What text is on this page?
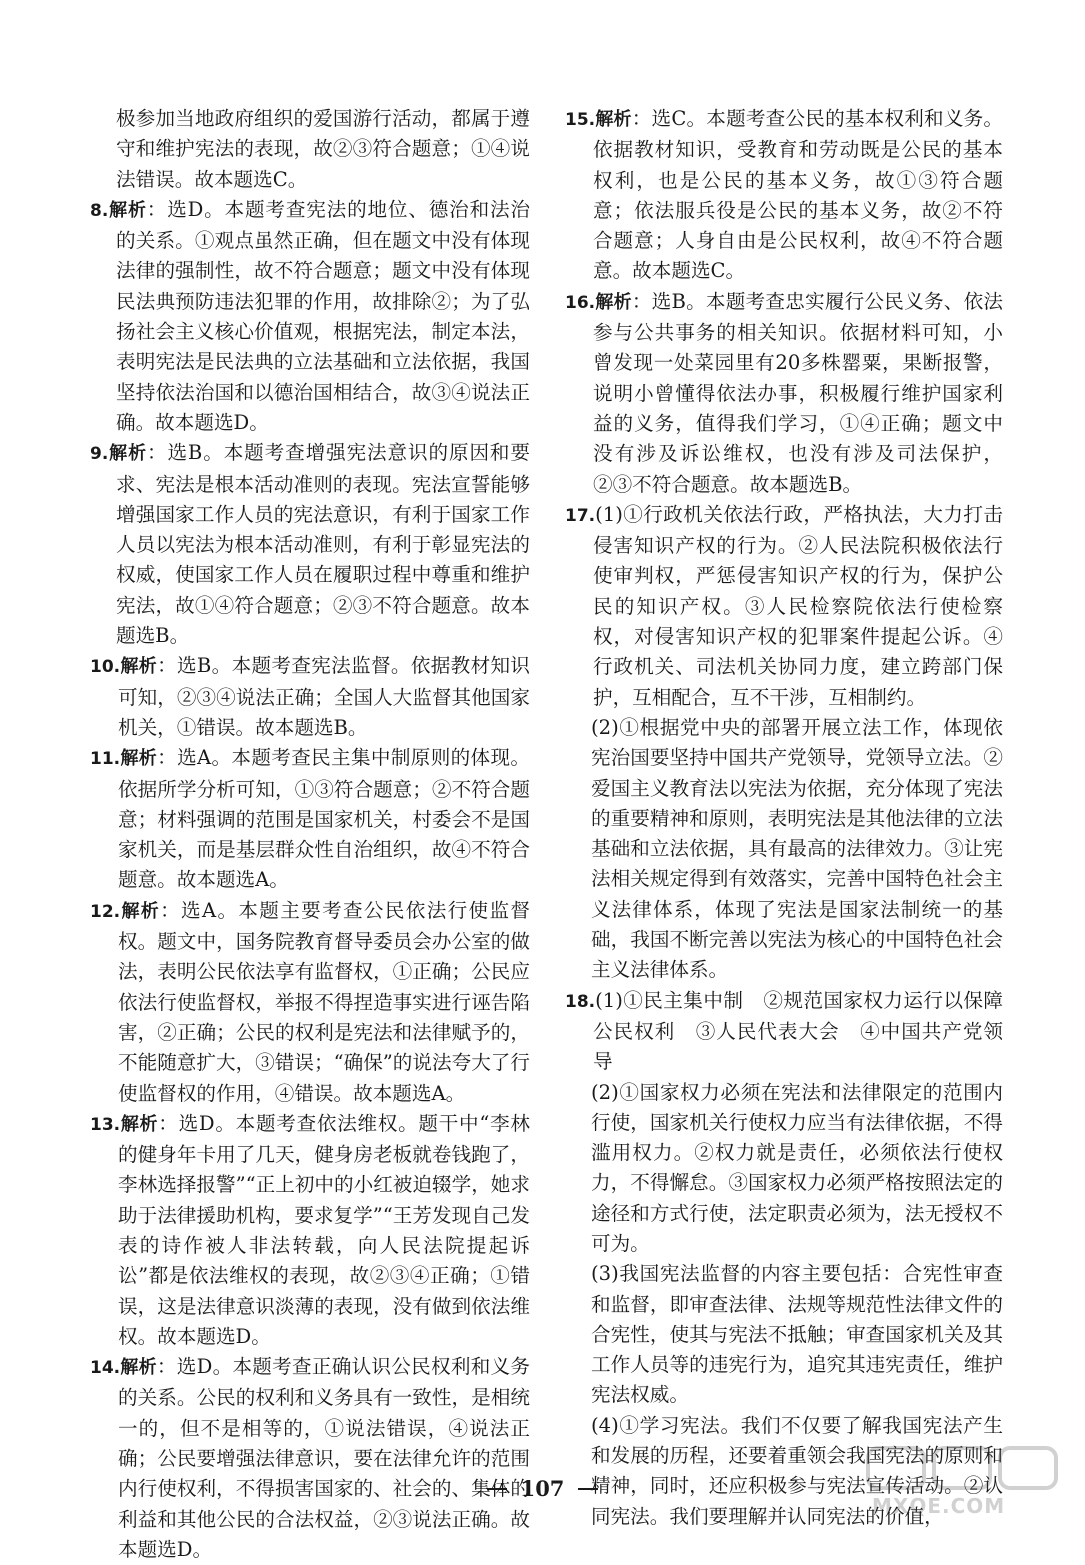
极参加当地政府组织的爱国游行活动，都属于遵守和维护宪法的表现，故②③符合题意；①④说法错误。故本题选C。

8.解析：选D。本题考查宪法的地位、德治和法治的关系。①观点虽然正确，但在题文中没有体现法律的强制性，故不符合题意；题文中没有体现民法典预防违法犯罪的作用，故排除②；为了弘扬社会主义核心价值观，根据宪法，制定本法，表明宪法是民法典的立法基础和立法依据，我国坚持依法治国和以德治国相结合，故③④说法正确。故本题选D。

9.解析：选B。本题考查增强宪法意识的原因和要求、宪法是根本活动准则的表现。宪法宣誓能够增强国家工作人员的宪法意识，有利于国家工作人员以宪法为根本活动准则，有利于彰显宪法的权威，使国家工作人员在履职过程中尊重和维护宪法，故①④符合题意；②③不符合题意。故本题选B。

10.解析：选B。本题考查宪法监督。依据教材知识可知，②③④说法正确；全国人大监督其他国家机关，①错误。故本题选B。

11.解析：选A。本题考查民主集中制原则的体现。依据所学分析可知，①③符合题意；②不符合题意；材料强调的范围是国家机关，村委会不是国家机关，而是基层群众性自治组织，故④不符合题意。故本题选A。

12.解析：选A。本题主要考查公民依法行使监督权。题文中，国务院教育督导委员会办公室的做法，表明公民依法享有监督权，①正确；公民应依法行使监督权，举报不得捏造事实进行诬告陷害，②正确；公民的权利是宪法和法律赋予的，不能随意扩大，③错误；“确保”的说法夸大了行使监督权的作用，④错误。故本题选A。

13.解析：选D。本题考查依法维权。题干中“李林的健身年卡用了几天，健身房老板就卷钱跑了，李林选择报警”“正上初中的小红被迫辍学，她求助于法律援助机构，要求复学”“王芳发现自己发表的诗作被人非法转载，向人民法院提起诉讼”都是依法维权的表现，故②③④正确；①错误，这是法律意识淡薄的表现，没有做到依法维权。故本题选D。

14.解析：选D。本题考查正确认识公民权利和义务的关系。公民的权利和义务具有一致性，是相统一的，但不是相等的，①说法错误，④说法正确；公民要增强法律意识，要在法律允许的范围内行使权利，不得损害国家的、社会的、集体的利益和其他公民的合法权益，②③说法正确。故本题选D。

15.解析：选C。本题考查公民的基本权利和义务。依据教材知识，受教育和劳动既是公民的基本权利，也是公民的基本义务，故①③符合题意；依法服兵役是公民的基本义务，故②不符合题意；人身自由是公民权利，故④不符合题意。故本题选C。

16.解析：选B。本题考查忠实履行公民义务、依法参与公共事务的相关知识。依据材料可知，小曾发现一处菜园里有20多株罂粟，果断报警，说明小曾懂得依法办事，积极履行维护国家利益的义务，值得我们学习，①④正确；题文中没有涉及诉讼维权，也没有涉及司法保护，②③不符合题意。故本题选B。

17.(1)①行政机关依法行政，严格执法，大力打击侵害知识产权的行为。②人民法院积极依法行使审判权，严惩侵害知识产权的行为，保护公民的知识产权。③人民检察院依法行使检察权，对侵害知识产权的犯罪案件提起公诉。④行政机关、司法机关协同力度，建立跨部门保护，互相配合，互不干涉，互相制约。

(2)①根据党中央的部署开展立法工作，体现依宪治国要坚持中国共产党领导，党领导立法。②爱国主义教育法以宪法为依据，充分体现了宪法的重要精神和原则，表明宪法是其他法律的立法基础和立法依据，具有最高的法律效力。③让宪法相关规定得到有效落实，完善中国特色社会主义法律体系，体现了宪法是国家法制统一的基础，我国不断完善以宪法为核心的中国特色社会主义法律体系。

18.(1)①民主集中制　②规范国家权力运行以保障公民权利　③人民代表大会　④中国共产党领导

(2)①国家权力必须在宪法和法律限定的范围内行使，国家机关行使权力应当有法律依据，不得滥用权力。②权力就是责任，必须依法行使权力，不得懈怠。③国家权力必须严格按照法定的途径和方式行使，法定职责必须为，法无授权不可为。

(3)我国宪法监督的内容主要包括：合宪性审查和监督，即审查法律、法规等规范性法律文件的合宪性，使其与宪法不抵触；审查国家机关及其工作人员等的违宪行为，追究其违宪责任，维护宪法权威。

(4)①学习宪法。我们不仅要了解我国宪法产生和发展的历程，还要着重领会我国宪法的原则和精神，同时，还应积极参与宪法宣传活动。②认同宪法。我们要理解并认同宪法的价值，

107
MXQE.COM
